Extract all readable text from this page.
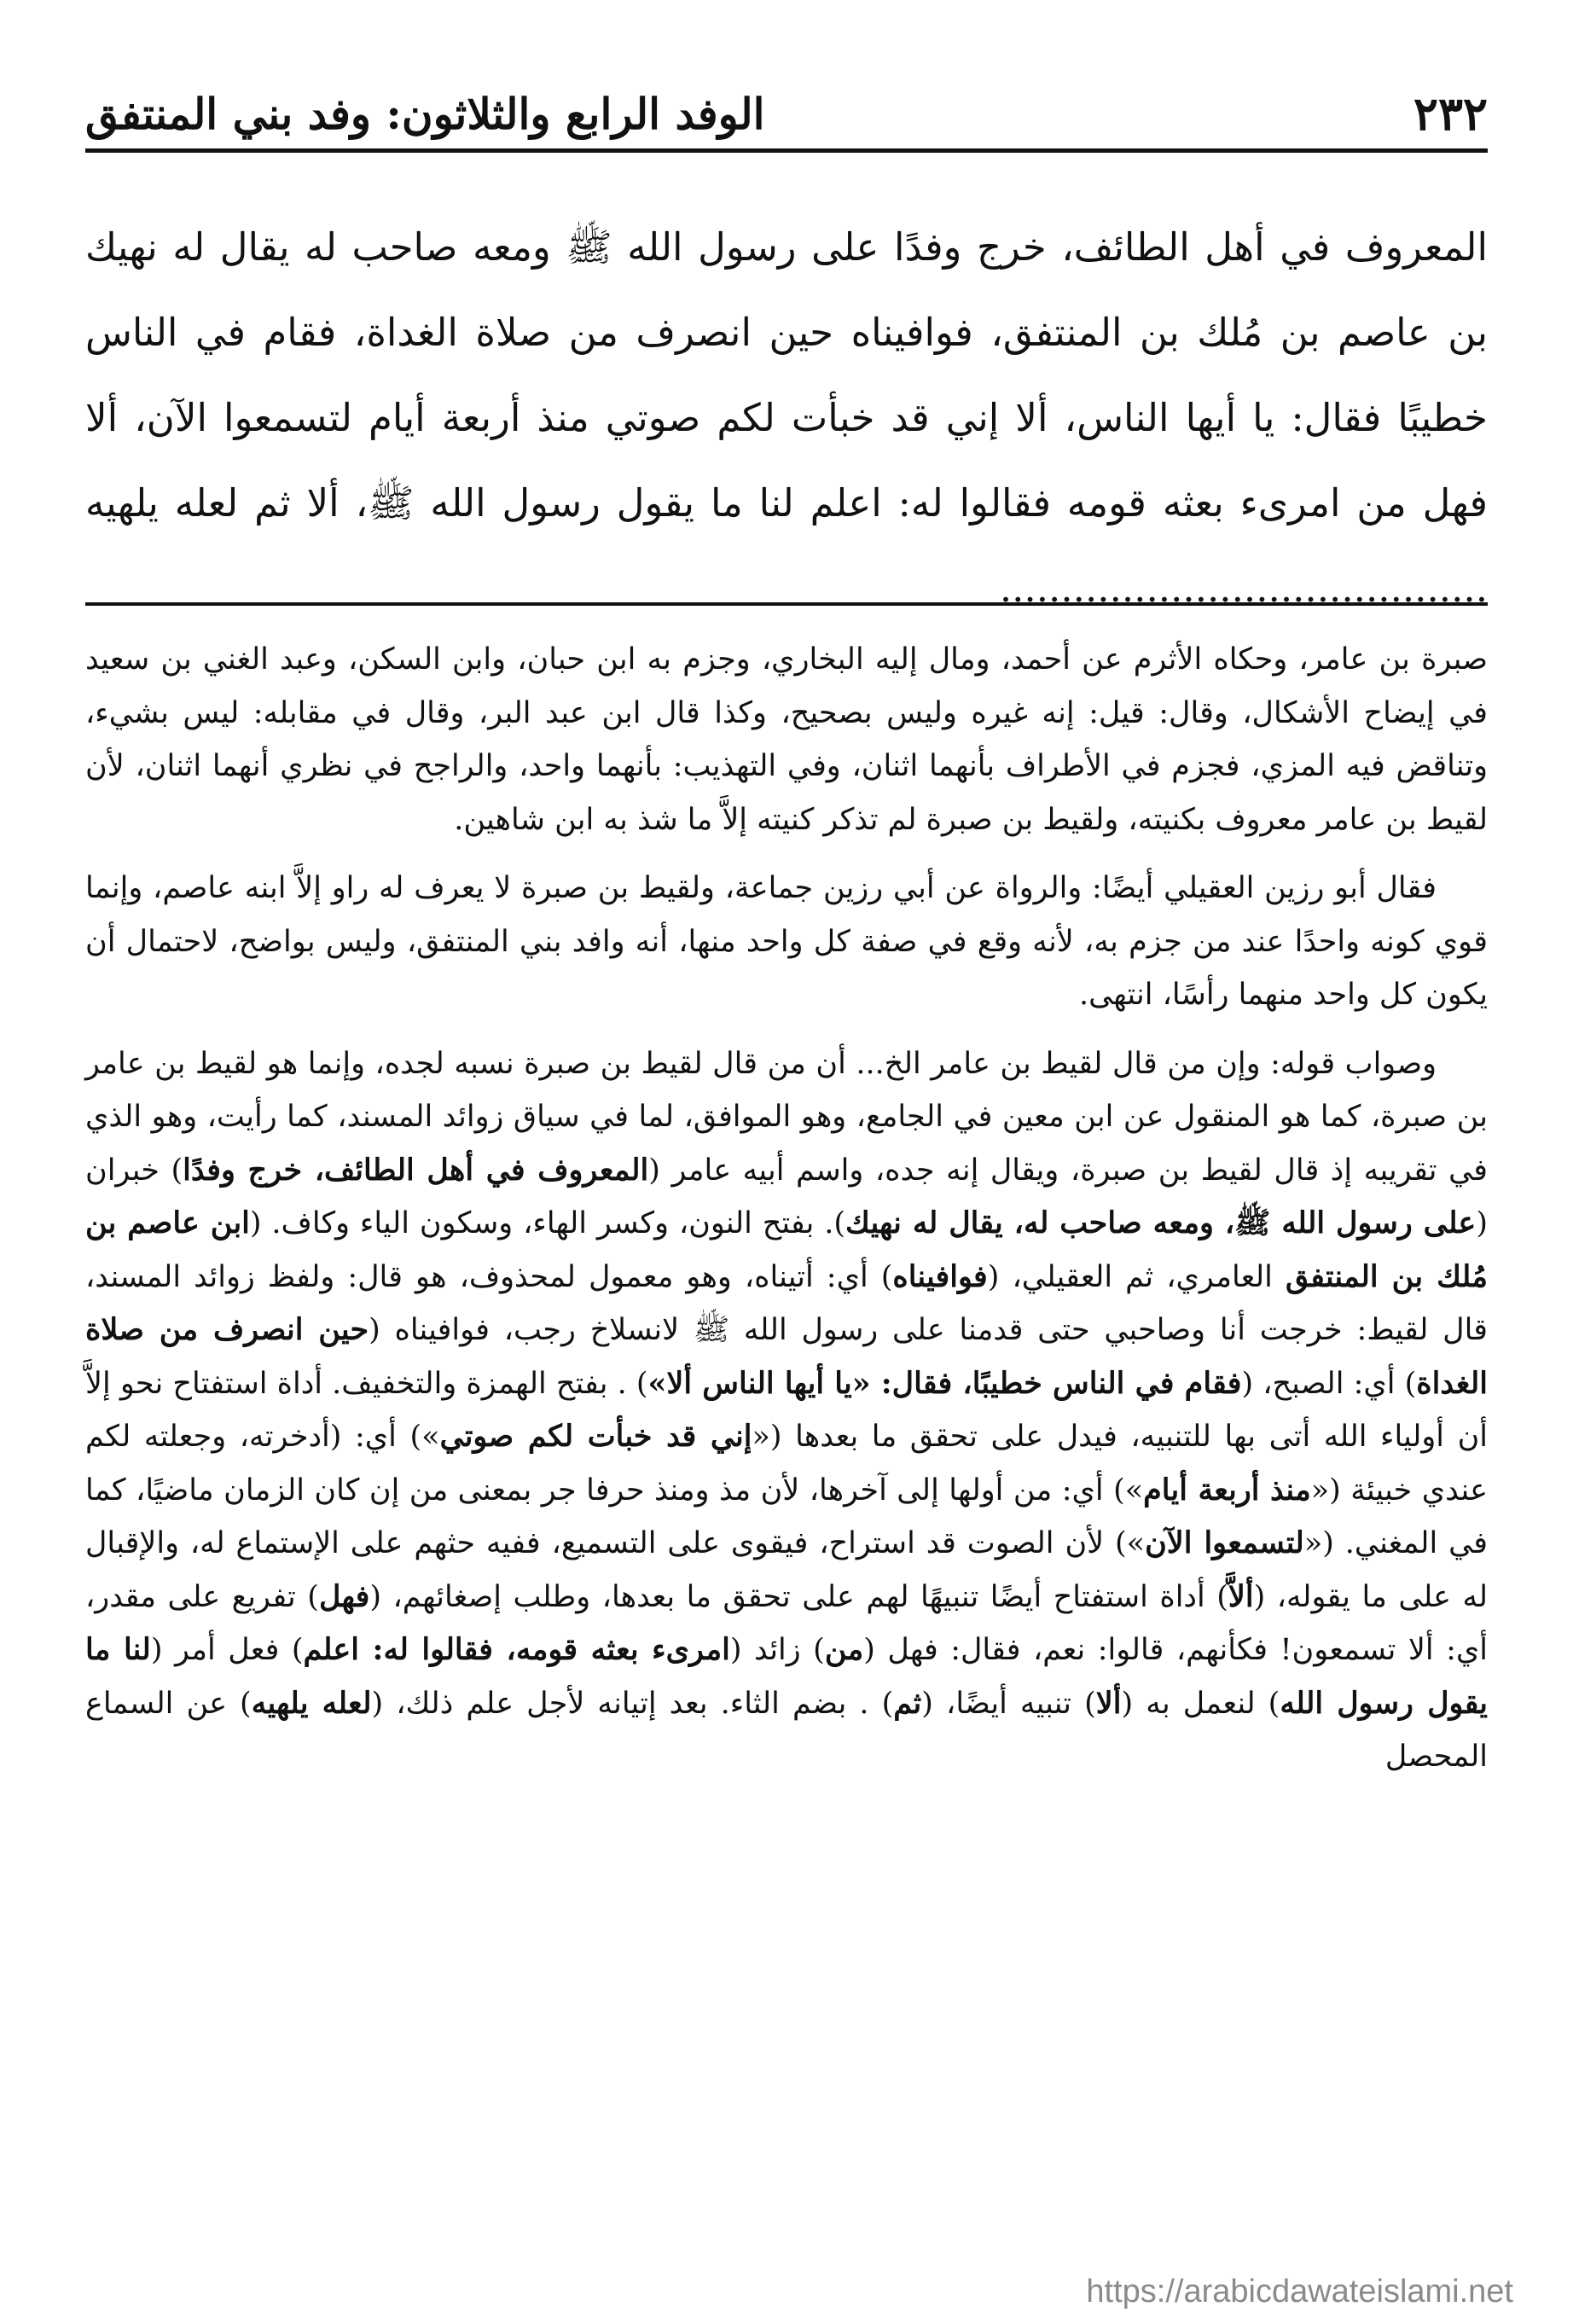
٢٣٢
الوفد الرابع والثلاثون: وفد بني المنتفق

المعروف في أهل الطائف، خرج وفدًا على رسول الله ﷺ ومعه صاحب له يقال له نهيك بن عاصم بن مُلك بن المنتفق، فوافيناه حين انصرف من صلاة الغداة، فقام في الناس خطيبًا فقال: يا أيها الناس، ألا إني قد خبأت لكم صوتي منذ أربعة أيام لتسمعوا الآن، ألا فهل من امرىء بعثه قومه فقالوا له: اعلم لنا ما يقول رسول الله ﷺ، ألا ثم لعله يلهيه ........................................

صبرة بن عامر، وحكاه الأثرم عن أحمد، ومال إليه البخاري، وجزم به ابن حبان، وابن السكن، وعبد الغني بن سعيد في إيضاح الأشكال، وقال: قيل: إنه غيره وليس بصحيح، وكذا قال ابن عبد البر، وقال في مقابله: ليس بشيء، وتناقض فيه المزي، فجزم في الأطراف بأنهما اثنان، وفي التهذيب: بأنهما واحد، والراجح في نظري أنهما اثنان، لأن لقيط بن عامر معروف بكنيته، ولقيط بن صبرة لم تذكر كنيته إلاَّ ما شذ به ابن شاهين.

فقال أبو رزين العقيلي أيضًا: والرواة عن أبي رزين جماعة، ولقيط بن صبرة لا يعرف له راو إلاَّ ابنه عاصم، وإنما قوي كونه واحدًا عند من جزم به، لأنه وقع في صفة كل واحد منها، أنه وافد بني المنتفق، وليس بواضح، لاحتمال أن يكون كل واحد منهما رأسًا، انتهى.

وصواب قوله: وإن من قال لقيط بن عامر الخ... أن من قال لقيط بن صبرة نسبه لجده، وإنما هو لقيط بن عامر بن صبرة، كما هو المنقول عن ابن معين في الجامع، وهو الموافق، لما في سياق زوائد المسند، كما رأيت، وهو الذي في تقريبه إذ قال لقيط بن صبرة، ويقال إنه جده، واسم أبيه عامر (المعروف في أهل الطائف، خرج وفدًا) خبران (على رسول الله ﷺ، ومعه صاحب له، يقال له نهيك). بفتح النون، وكسر الهاء، وسكون الياء وكاف. (ابن عاصم بن مُلك بن المنتفق العامري، ثم العقيلي، (فوافيناه) أي: أتيناه، وهو معمول لمحذوف، هو قال: ولفظ زوائد المسند، قال لقيط: خرجت أنا وصاحبي حتى قدمنا على رسول الله ﷺ لانسلاخ رجب، فوافيناه (حين انصرف من صلاة الغداة) أي: الصبح، (فقام في الناس خطيبًا، فقال: «يا أيها الناس ألا») . بفتح الهمزة والتخفيف. أداة استفتاح نحو إلاَّ أن أولياء الله أتى بها للتنبيه، فيدل على تحقق ما بعدها («إني قد خبأت لكم صوتي») أي: (أدخرته، وجعلته لكم عندي خبيئة («منذ أربعة أيام») أي: من أولها إلى آخرها، لأن مذ ومنذ حرفا جر بمعنى من إن كان الزمان ماضيًا، كما في المغني. («لتسمعوا الآن») لأن الصوت قد استراح، فيقوى على التسميع، ففيه حثهم على الإستماع له، والإقبال له على ما يقوله، (ألاَّ) أداة استفتاح أيضًا تنبيهًا لهم على تحقق ما بعدها، وطلب إصغائهم، (فهل) تفريع على مقدر، أي: ألا تسمعون! فكأنهم، قالوا: نعم، فقال: فهل (من) زائد (امرىء بعثه قومه، فقالوا له: اعلم) فعل أمر (لنا ما يقول رسول الله) لنعمل به (ألا) تنبيه أيضًا، (ثم) . بضم الثاء. بعد إتيانه لأجل علم ذلك، (لعله يلهيه) عن السماع المحصل

https://arabicdawateislami.net
